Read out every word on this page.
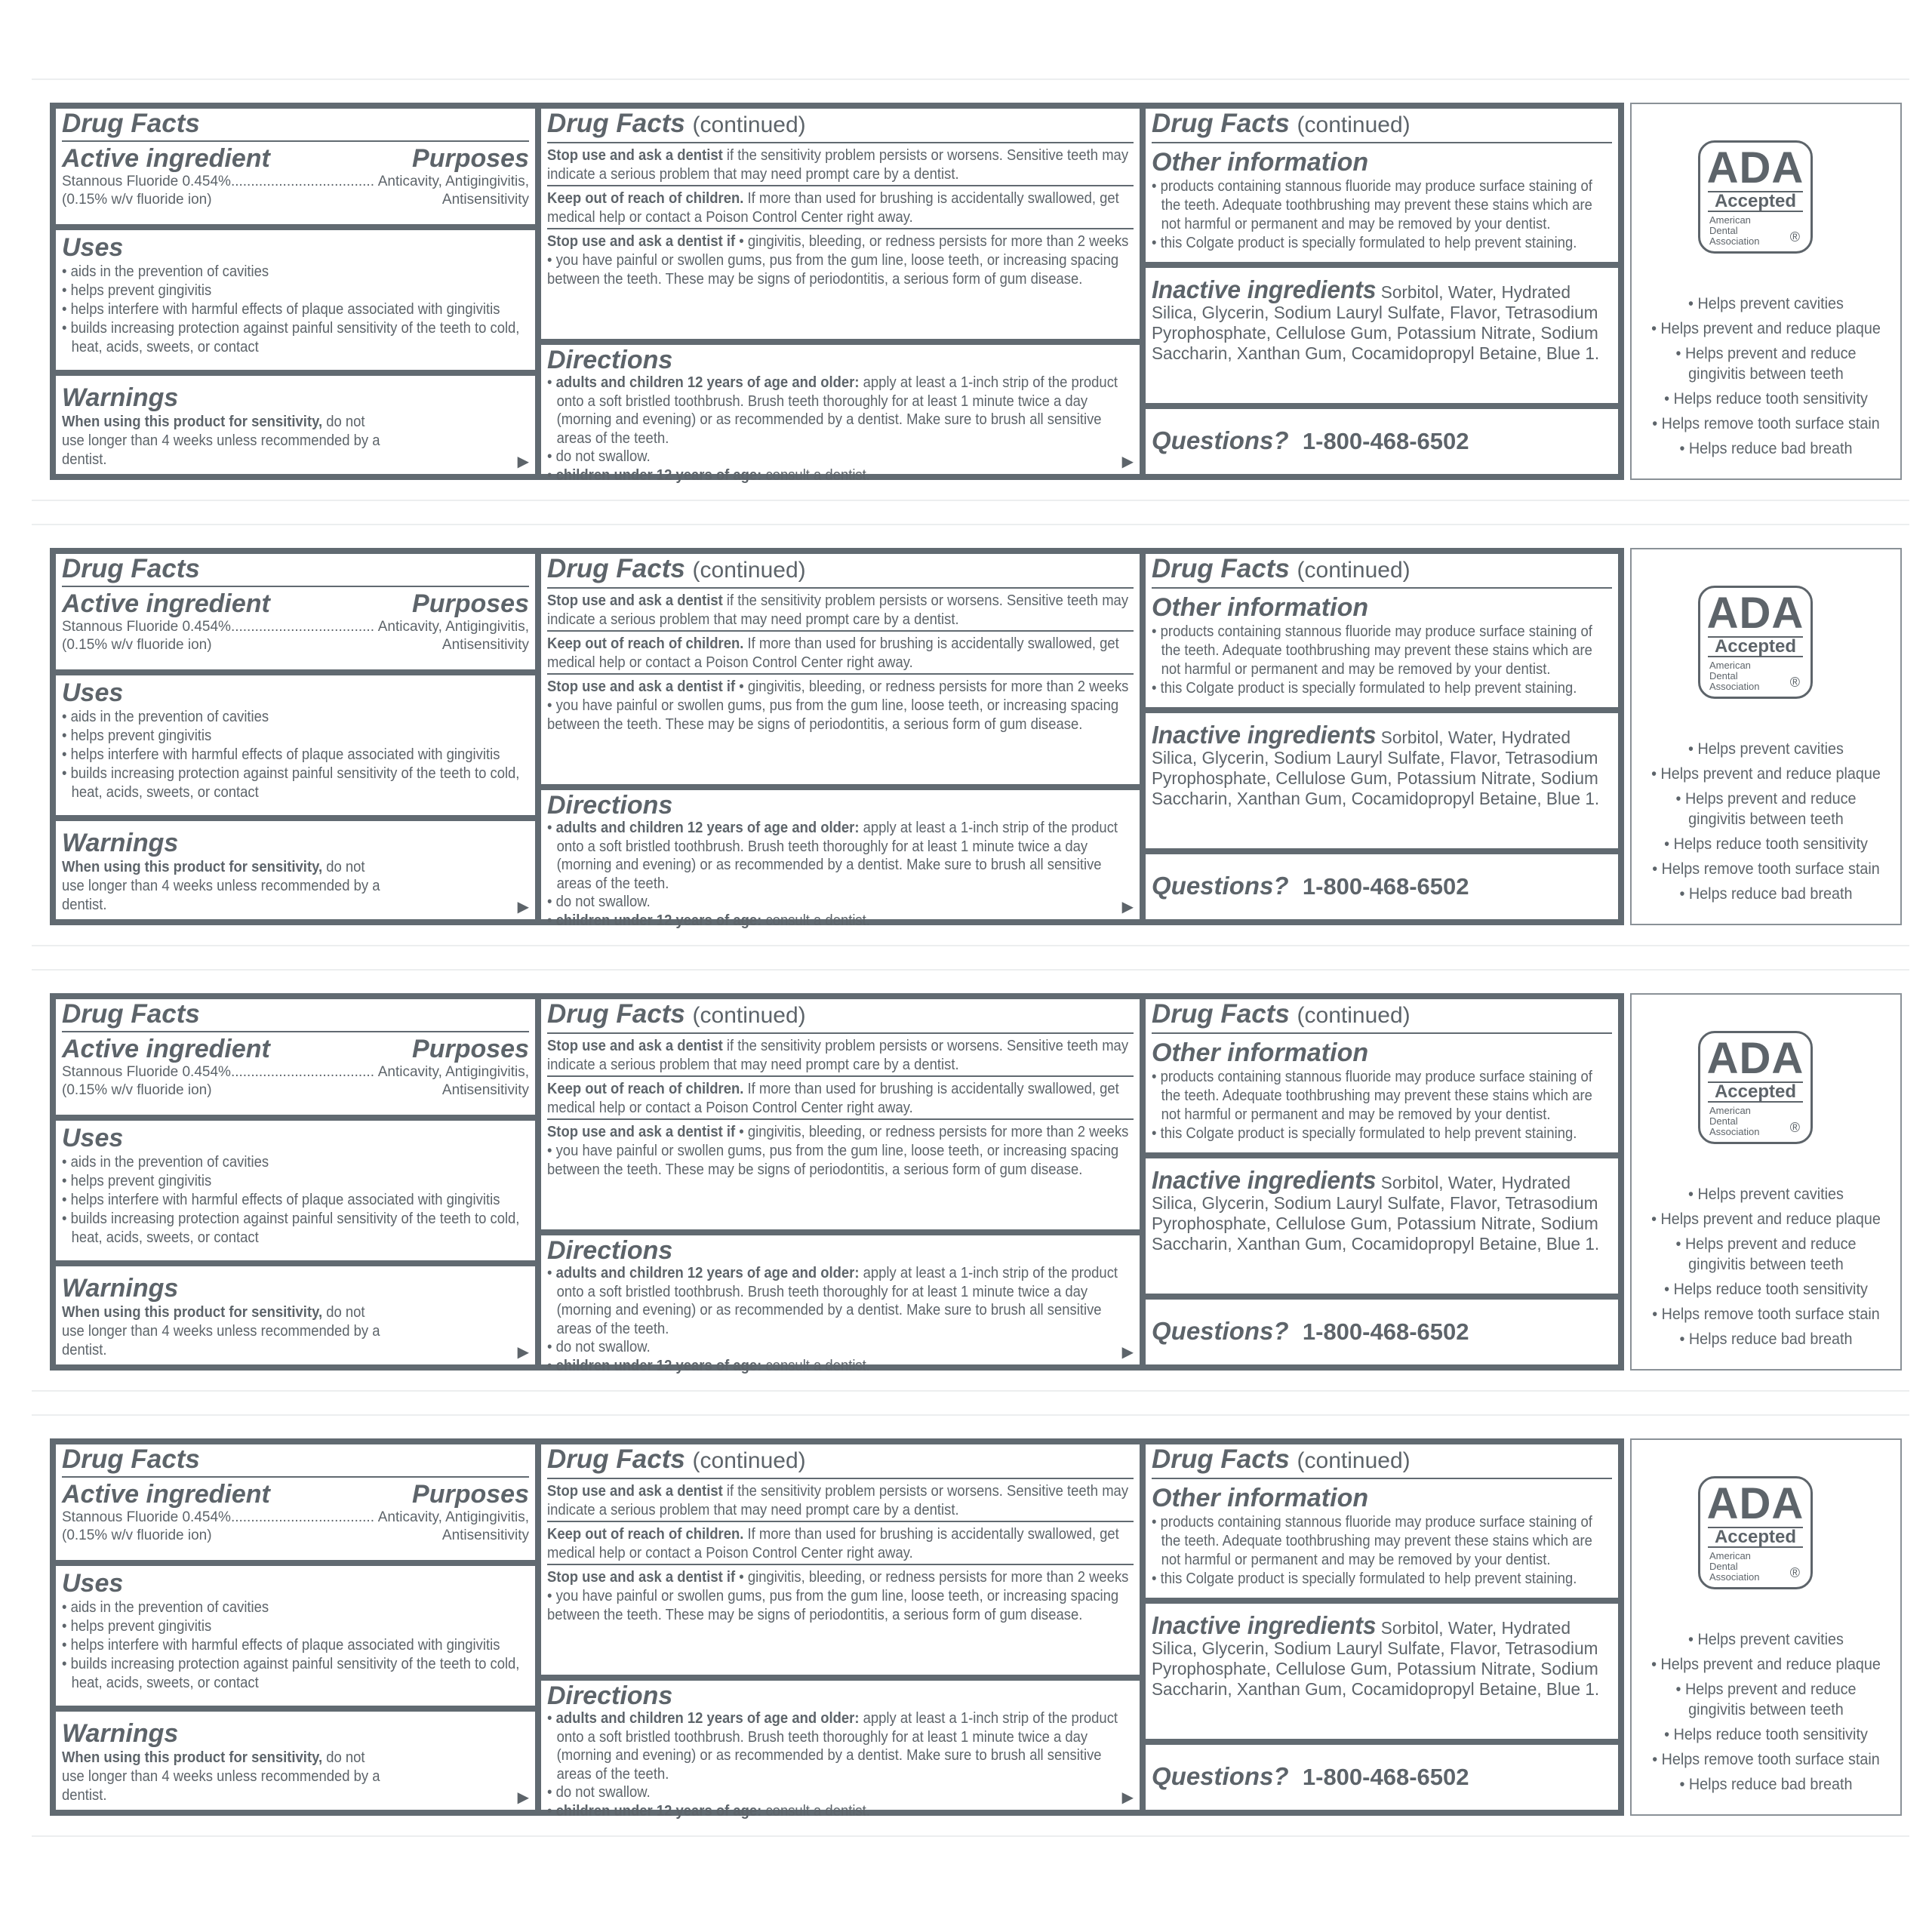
Drug Facts
Active ingredient	Purposes
Stannous Fluoride 0.454%.................................... Anticavity, Antigingivitis,
(0.15% w/v fluoride ion)	Antisensitivity
Uses
• aids in the prevention of cavities
• helps prevent gingivitis
• helps interfere with harmful effects of plaque associated with gingivitis
• builds increasing protection against painful sensitivity of the teeth to cold, heat, acids, sweets, or contact
Warnings
When using this product for sensitivity, do not use longer than 4 weeks unless recommended by a dentist.	▶
Drug Facts (continued)
Stop use and ask a dentist if the sensitivity problem persists or worsens. Sensitive teeth may indicate a serious problem that may need prompt care by a dentist.
Keep out of reach of children. If more than used for brushing is accidentally swallowed, get medical help or contact a Poison Control Center right away.
Stop use and ask a dentist if • gingivitis, bleeding, or redness persists for more than 2 weeks • you have painful or swollen gums, pus from the gum line, loose teeth, or increasing spacing between the teeth. These may be signs of periodontitis, a serious form of gum disease.
Directions
• adults and children 12 years of age and older: apply at least a 1-inch strip of the product onto a soft bristled toothbrush. Brush teeth thoroughly for at least 1 minute twice a day (morning and evening) or as recommended by a dentist. Make sure to brush all sensitive areas of the teeth.
• do not swallow.
• children under 12 years of age: consult a dentist.
▶
Drug Facts (continued)
Other information
• products containing stannous fluoride may produce surface staining of the teeth. Adequate toothbrushing may prevent these stains which are not harmful or permanent and may be removed by your dentist.
• this Colgate product is specially formulated to help prevent staining.
Inactive ingredients Sorbitol, Water, Hydrated Silica, Glycerin, Sodium Lauryl Sulfate, Flavor, Tetrasodium Pyrophosphate, Cellulose Gum, Potassium Nitrate, Sodium Saccharin, Xanthan Gum, Cocamidopropyl Betaine, Blue 1.
Questions? 1-800-468-6502
ADA
Accepted
American
Dental
Association	®
• Helps prevent cavities
• Helps prevent and reduce plaque
• Helps prevent and reduce gingivitis between teeth
• Helps reduce tooth sensitivity
• Helps remove tooth surface stain
• Helps reduce bad breath
Drug Facts
Active ingredient	Purposes
Stannous Fluoride 0.454%.................................... Anticavity, Antigingivitis,
(0.15% w/v fluoride ion)	Antisensitivity
Uses
• aids in the prevention of cavities
• helps prevent gingivitis
• helps interfere with harmful effects of plaque associated with gingivitis
• builds increasing protection against painful sensitivity of the teeth to cold, heat, acids, sweets, or contact
Warnings
When using this product for sensitivity, do not use longer than 4 weeks unless recommended by a dentist.	▶
Drug Facts (continued)
Stop use and ask a dentist if the sensitivity problem persists or worsens. Sensitive teeth may indicate a serious problem that may need prompt care by a dentist.
Keep out of reach of children. If more than used for brushing is accidentally swallowed, get medical help or contact a Poison Control Center right away.
Stop use and ask a dentist if • gingivitis, bleeding, or redness persists for more than 2 weeks • you have painful or swollen gums, pus from the gum line, loose teeth, or increasing spacing between the teeth. These may be signs of periodontitis, a serious form of gum disease.
Directions
• adults and children 12 years of age and older: apply at least a 1-inch strip of the product onto a soft bristled toothbrush. Brush teeth thoroughly for at least 1 minute twice a day (morning and evening) or as recommended by a dentist. Make sure to brush all sensitive areas of the teeth.
• do not swallow.
• children under 12 years of age: consult a dentist.
▶
Drug Facts (continued)
Other information
• products containing stannous fluoride may produce surface staining of the teeth. Adequate toothbrushing may prevent these stains which are not harmful or permanent and may be removed by your dentist.
• this Colgate product is specially formulated to help prevent staining.
Inactive ingredients Sorbitol, Water, Hydrated Silica, Glycerin, Sodium Lauryl Sulfate, Flavor, Tetrasodium Pyrophosphate, Cellulose Gum, Potassium Nitrate, Sodium Saccharin, Xanthan Gum, Cocamidopropyl Betaine, Blue 1.
Questions? 1-800-468-6502
ADA
Accepted
American
Dental
Association	®
• Helps prevent cavities
• Helps prevent and reduce plaque
• Helps prevent and reduce gingivitis between teeth
• Helps reduce tooth sensitivity
• Helps remove tooth surface stain
• Helps reduce bad breath
Drug Facts
Active ingredient	Purposes
Stannous Fluoride 0.454%.................................... Anticavity, Antigingivitis,
(0.15% w/v fluoride ion)	Antisensitivity
Uses
• aids in the prevention of cavities
• helps prevent gingivitis
• helps interfere with harmful effects of plaque associated with gingivitis
• builds increasing protection against painful sensitivity of the teeth to cold, heat, acids, sweets, or contact
Warnings
When using this product for sensitivity, do not use longer than 4 weeks unless recommended by a dentist.	▶
Drug Facts (continued)
Stop use and ask a dentist if the sensitivity problem persists or worsens. Sensitive teeth may indicate a serious problem that may need prompt care by a dentist.
Keep out of reach of children. If more than used for brushing is accidentally swallowed, get medical help or contact a Poison Control Center right away.
Stop use and ask a dentist if • gingivitis, bleeding, or redness persists for more than 2 weeks • you have painful or swollen gums, pus from the gum line, loose teeth, or increasing spacing between the teeth. These may be signs of periodontitis, a serious form of gum disease.
Directions
• adults and children 12 years of age and older: apply at least a 1-inch strip of the product onto a soft bristled toothbrush. Brush teeth thoroughly for at least 1 minute twice a day (morning and evening) or as recommended by a dentist. Make sure to brush all sensitive areas of the teeth.
• do not swallow.
• children under 12 years of age: consult a dentist.
▶
Drug Facts (continued)
Other information
• products containing stannous fluoride may produce surface staining of the teeth. Adequate toothbrushing may prevent these stains which are not harmful or permanent and may be removed by your dentist.
• this Colgate product is specially formulated to help prevent staining.
Inactive ingredients Sorbitol, Water, Hydrated Silica, Glycerin, Sodium Lauryl Sulfate, Flavor, Tetrasodium Pyrophosphate, Cellulose Gum, Potassium Nitrate, Sodium Saccharin, Xanthan Gum, Cocamidopropyl Betaine, Blue 1.
Questions? 1-800-468-6502
ADA
Accepted
American
Dental
Association	®
• Helps prevent cavities
• Helps prevent and reduce plaque
• Helps prevent and reduce gingivitis between teeth
• Helps reduce tooth sensitivity
• Helps remove tooth surface stain
• Helps reduce bad breath
Drug Facts
Active ingredient	Purposes
Stannous Fluoride 0.454%.................................... Anticavity, Antigingivitis,
(0.15% w/v fluoride ion)	Antisensitivity
Uses
• aids in the prevention of cavities
• helps prevent gingivitis
• helps interfere with harmful effects of plaque associated with gingivitis
• builds increasing protection against painful sensitivity of the teeth to cold, heat, acids, sweets, or contact
Warnings
When using this product for sensitivity, do not use longer than 4 weeks unless recommended by a dentist.	▶
Drug Facts (continued)
Stop use and ask a dentist if the sensitivity problem persists or worsens. Sensitive teeth may indicate a serious problem that may need prompt care by a dentist.
Keep out of reach of children. If more than used for brushing is accidentally swallowed, get medical help or contact a Poison Control Center right away.
Stop use and ask a dentist if • gingivitis, bleeding, or redness persists for more than 2 weeks • you have painful or swollen gums, pus from the gum line, loose teeth, or increasing spacing between the teeth. These may be signs of periodontitis, a serious form of gum disease.
Directions
• adults and children 12 years of age and older: apply at least a 1-inch strip of the product onto a soft bristled toothbrush. Brush teeth thoroughly for at least 1 minute twice a day (morning and evening) or as recommended by a dentist. Make sure to brush all sensitive areas of the teeth.
• do not swallow.
• children under 12 years of age: consult a dentist.
▶
Drug Facts (continued)
Other information
• products containing stannous fluoride may produce surface staining of the teeth. Adequate toothbrushing may prevent these stains which are not harmful or permanent and may be removed by your dentist.
• this Colgate product is specially formulated to help prevent staining.
Inactive ingredients Sorbitol, Water, Hydrated Silica, Glycerin, Sodium Lauryl Sulfate, Flavor, Tetrasodium Pyrophosphate, Cellulose Gum, Potassium Nitrate, Sodium Saccharin, Xanthan Gum, Cocamidopropyl Betaine, Blue 1.
Questions? 1-800-468-6502
ADA
Accepted
American
Dental
Association	®
• Helps prevent cavities
• Helps prevent and reduce plaque
• Helps prevent and reduce gingivitis between teeth
• Helps reduce tooth sensitivity
• Helps remove tooth surface stain
• Helps reduce bad breath
